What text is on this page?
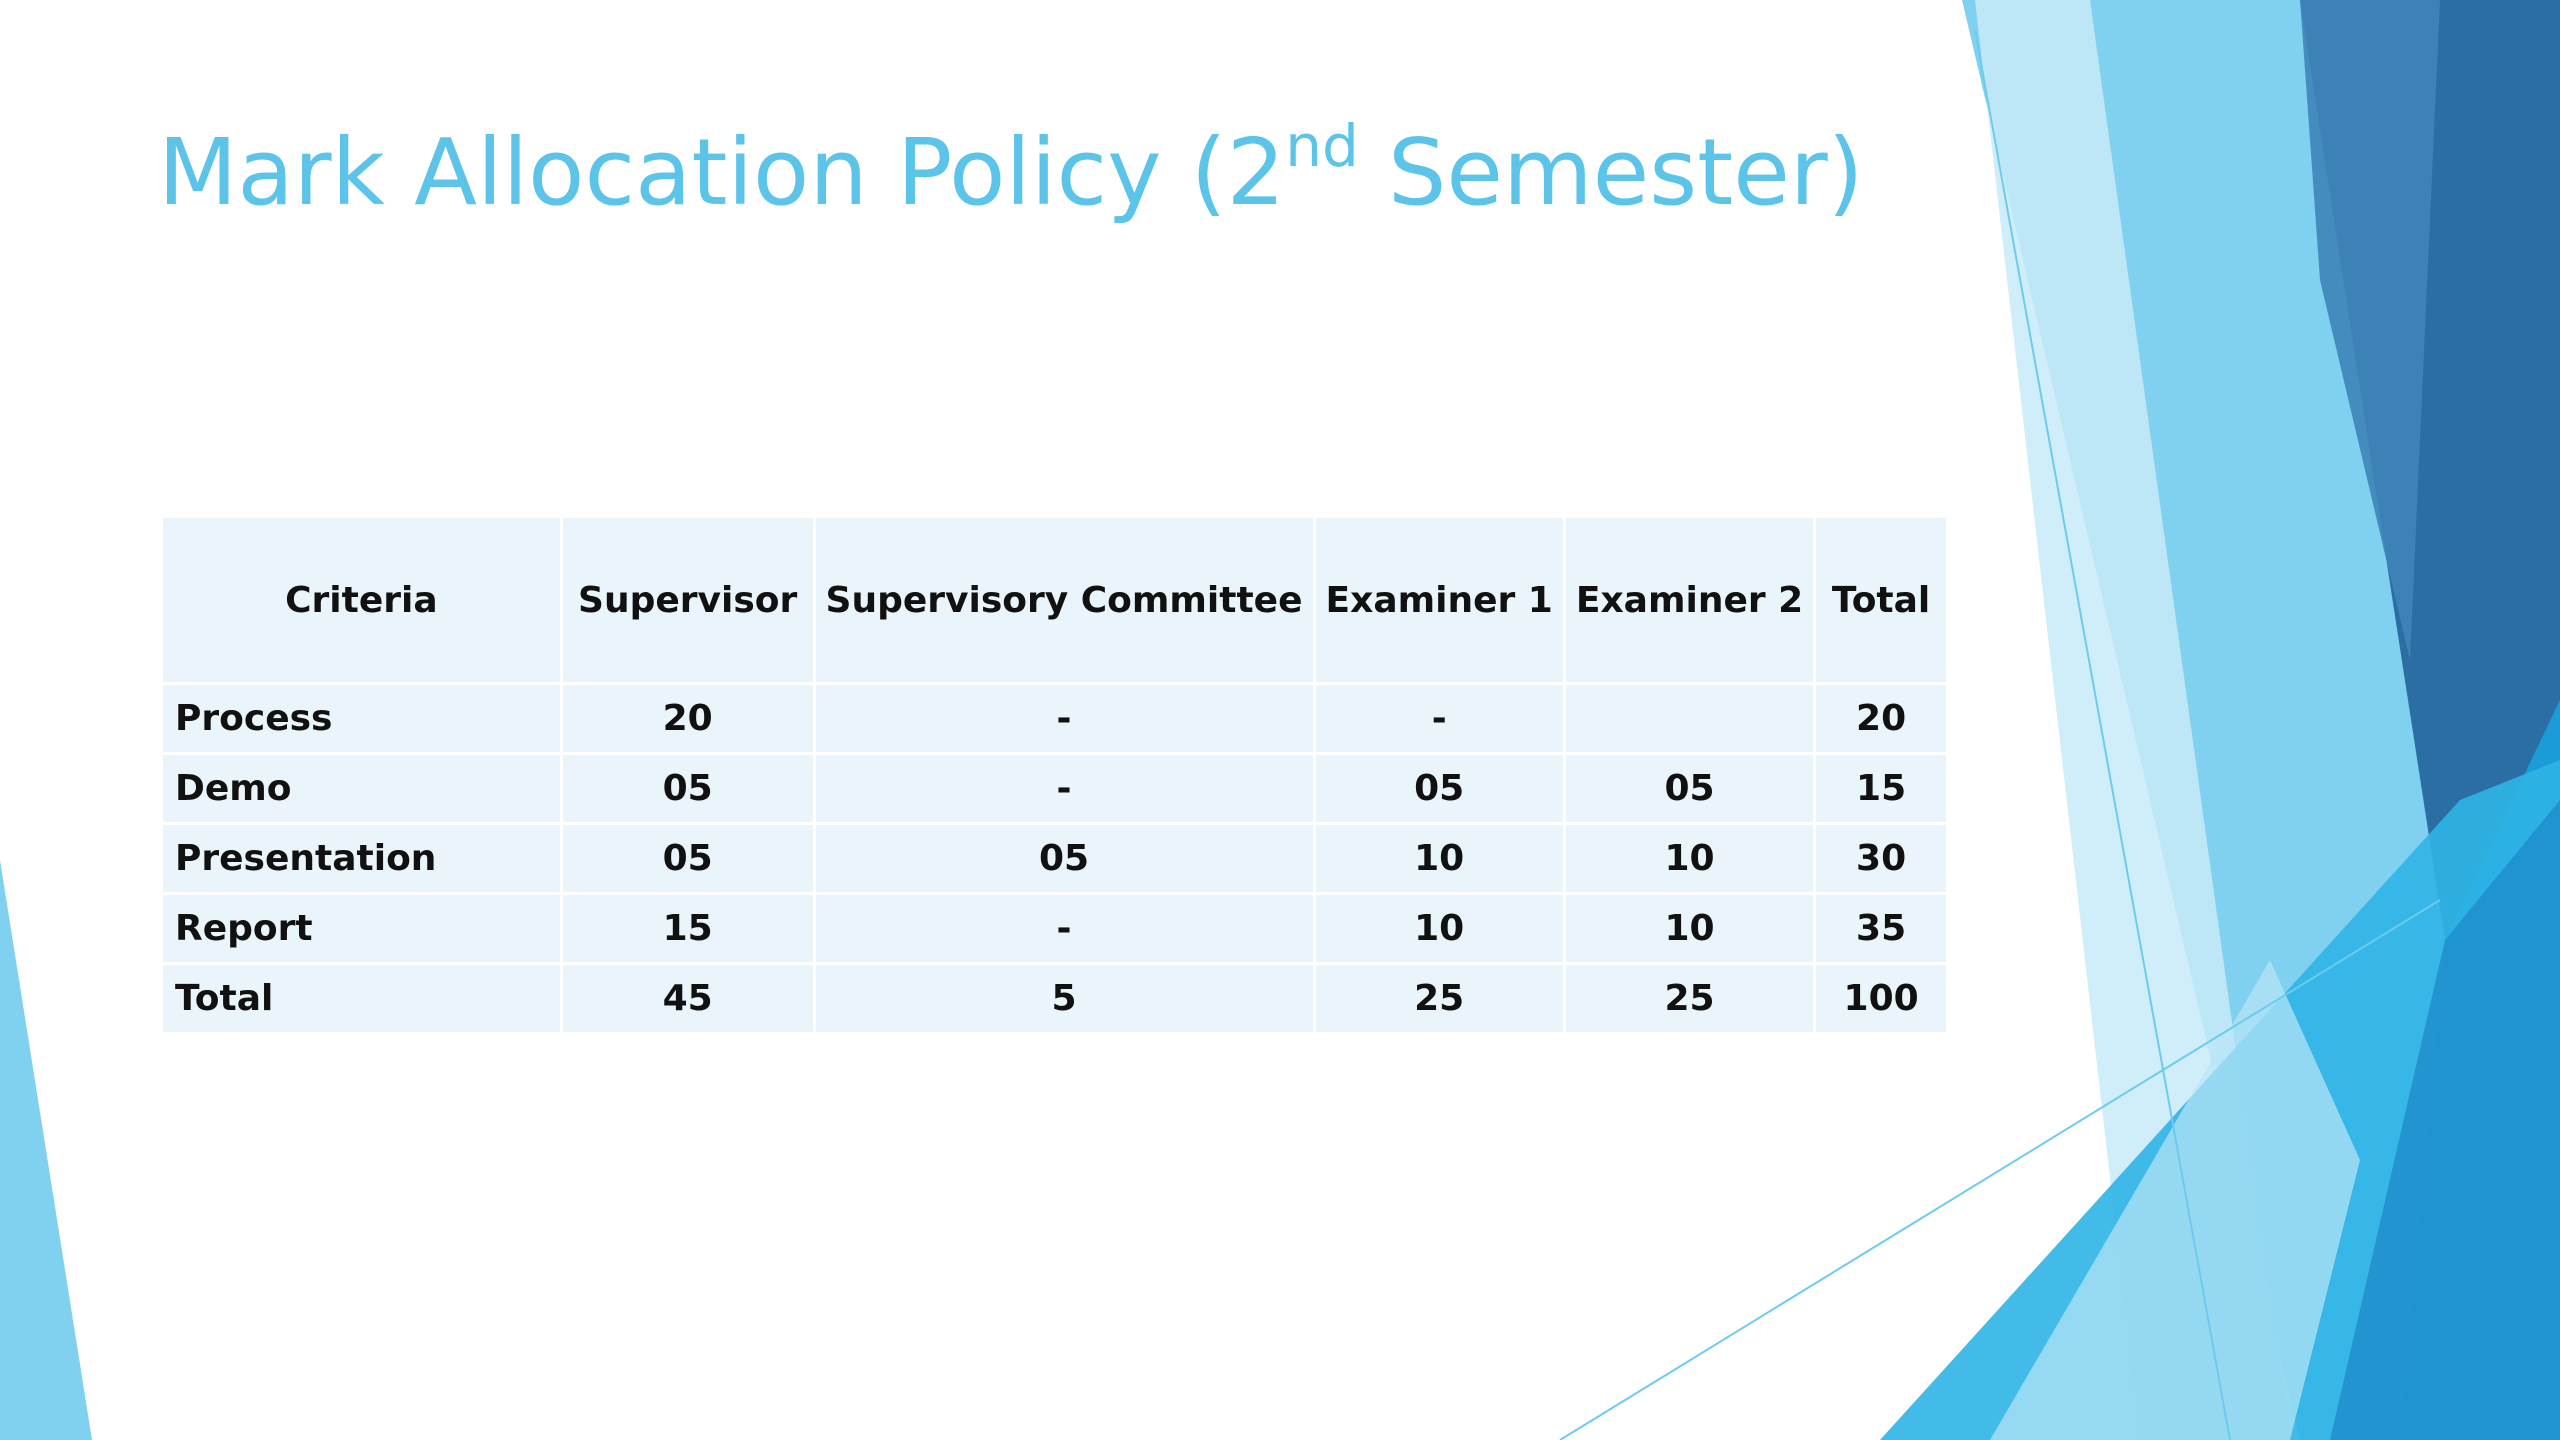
Mark Allocation Policy (2nd Semester)
Criteria	Supervisor	Supervisory Committee	Examiner 1	Examiner 2	Total
Process	20	-	-		20
Demo	05	-	05	05	15
Presentation	05	05	10	10	30
Report	15	-	10	10	35
Total	45	5	25	25	100
